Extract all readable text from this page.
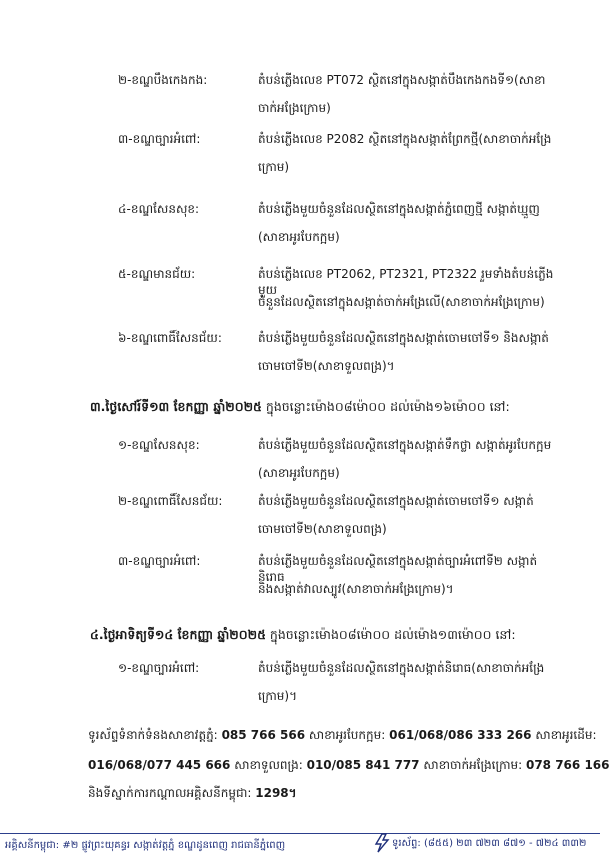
២-ខណ្ឌបឹងកេងកង:	តំបន់ភ្លើងលេខ PT072 ស្ថិតនៅក្នុងសង្កាត់បឹងកេងកងទី១(សាខា
ចាក់អង្រែក្រោម)
៣-ខណ្ឌច្បារអំពៅ:	តំបន់ភ្លើងលេខ P2082 ស្ថិតនៅក្នុងសង្កាត់ព្រែកថ្មី(សាខាចាក់អង្រែ
ក្រោម)
៤-ខណ្ឌសែនសុខ:	តំបន់ភ្លើងមួយចំនួនដែលស្ថិតនៅក្នុងសង្កាត់ភ្នំពេញថ្មី សង្កាត់ឃ្មួញ
(សាខាអូរបែកក្អម)
៥-ខណ្ឌមានជ័យ:	តំបន់ភ្លើងលេខ PT2062, PT2321, PT2322 រួមទាំងតំបន់ភ្លើងមួយ
ចំនួនដែលស្ថិតនៅក្នុងសង្កាត់ចាក់អង្រែលើ(សាខាចាក់អង្រែក្រោម)
៦-ខណ្ឌពោធិ៍សែនជ័យ:	តំបន់ភ្លើងមួយចំនួនដែលស្ថិតនៅក្នុងសង្កាត់ចោមចៅទី១ និងសង្កាត់
ចោមចៅទី២(សាខាទួលពង្រ)។
៣.ថ្ងៃសៅរ៍ទី១៣ ខែកញ្ញា ឆ្នាំ២០២៥ ក្នុងចន្លោះម៉ោង០៨ម៉ោ០០ ដល់ម៉ោង១៦ម៉ោ០០ នៅ:
១-ខណ្ឌសែនសុខ:	តំបន់ភ្លើងមួយចំនួនដែលស្ថិតនៅក្នុងសង្កាត់ទឹកថ្លា សង្កាត់អូរបែកក្អម
(សាខាអូរបែកក្អម)
២-ខណ្ឌពោធិ៍សែនជ័យ:	តំបន់ភ្លើងមួយចំនួនដែលស្ថិតនៅក្នុងសង្កាត់ចោមចៅទី១ សង្កាត់
ចោមចៅទី២(សាខាទួលពង្រ)
៣-ខណ្ឌច្បារអំពៅ:	តំបន់ភ្លើងមួយចំនួនដែលស្ថិតនៅក្នុងសង្កាត់ច្បារអំពៅទី២ សង្កាត់និរោធ
និងសង្កាត់វាលស្បូវ(សាខាចាក់អង្រែក្រោម)។
៤.ថ្ងៃអាទិត្យទី១៤ ខែកញ្ញា ឆ្នាំ២០២៥ ក្នុងចន្លោះម៉ោង០៨ម៉ោ០០ ដល់ម៉ោង១៣ម៉ោ០០ នៅ:
១-ខណ្ឌច្បារអំពៅ:	តំបន់ភ្លើងមួយចំនួនដែលស្ថិតនៅក្នុងសង្កាត់និរោធ(សាខាចាក់អង្រែ
ក្រោម)។
ទូរស័ព្ទទំនាក់ទំនងសាខាវត្តភ្នំ: 085 766 566 សាខាអូរបែកក្អម: 061/068/086 333 266 សាខាអូរដើម:
016/068/077 445 666 សាខាទួលពង្រ: 010/085 841 777 សាខាចាក់អង្រែក្រោម: 078 766 166
និងទីស្នាក់ការកណ្តាលអគ្គិសនីកម្ពុជា: 1298។
អគ្គិសនីកម្ពុជា: #២ ផ្លូវព្រះយុគន្ធរ សង្កាត់វត្តភ្នំ ខណ្ឌដូនពេញ រាជធានីភ្នំពេញ	ទូរស័ព្ទ: (៨៥៥) ២៣ ៧២៣ ៨៧១ - ៧២៤ ៣៣២
